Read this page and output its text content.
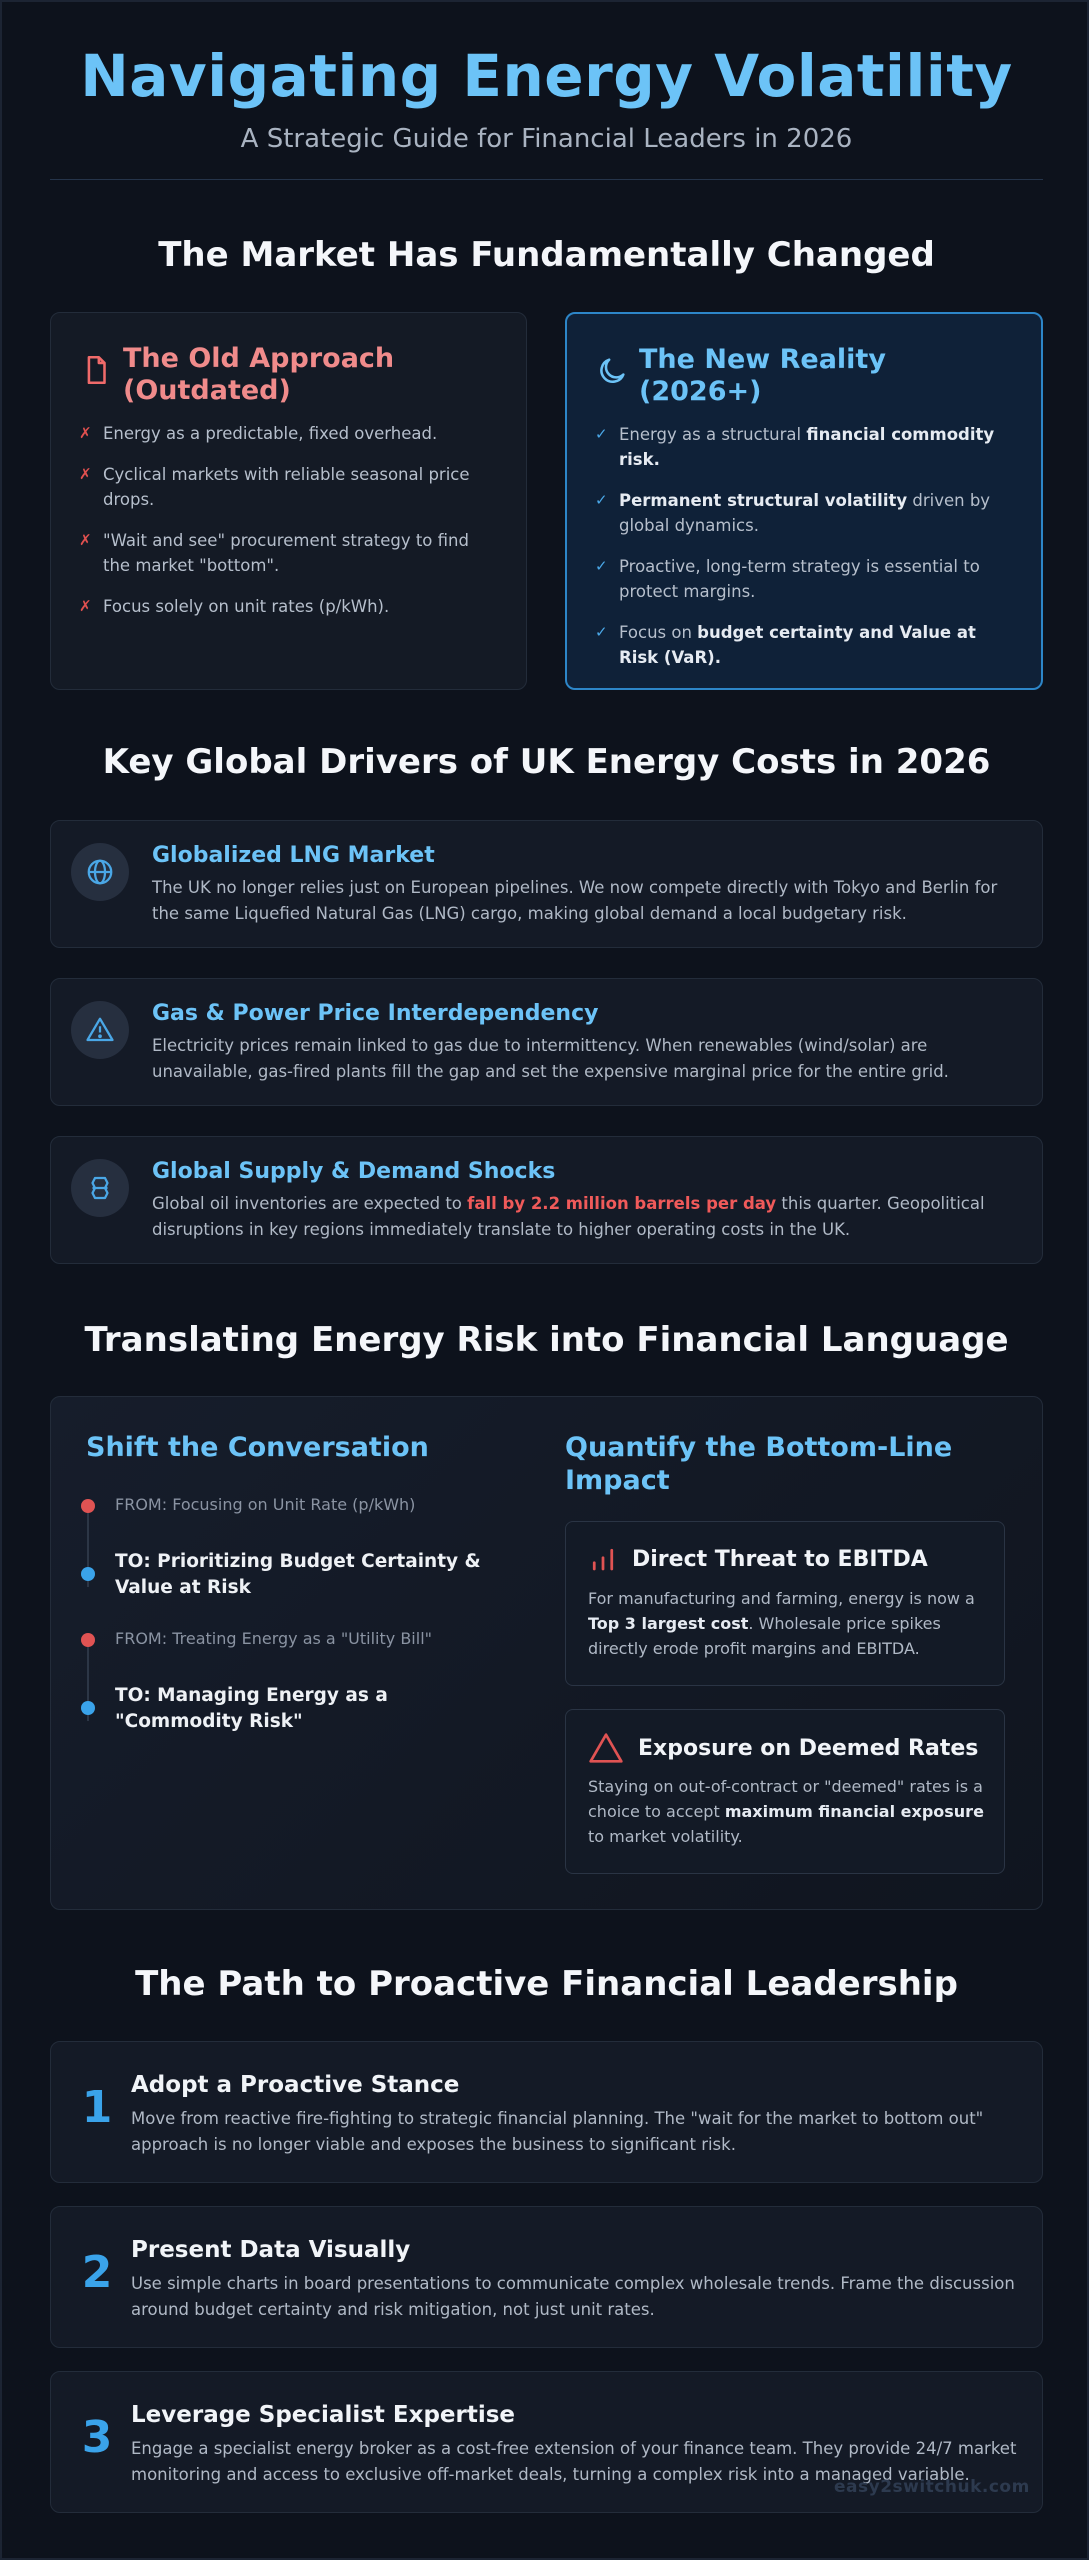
Navigating Energy Volatility
A Strategic Guide for Financial Leaders in 2026
The Market Has Fundamentally Changed
The Old Approach (Outdated)
✗ Energy as a predictable, fixed overhead.
✗ Cyclical markets with reliable seasonal price drops.
✗ "Wait and see" procurement strategy to find the market "bottom".
✗ Focus solely on unit rates (p/kWh).
The New Reality (2026+)
✓ Energy as a structural financial commodity risk.
✓ Permanent structural volatility driven by global dynamics.
✓ Proactive, long-term strategy is essential to protect margins.
✓ Focus on budget certainty and Value at Risk (VaR).
Key Global Drivers of UK Energy Costs in 2026
Globalized LNG Market
The UK no longer relies just on European pipelines. We now compete directly with Tokyo and Berlin for the same Liquefied Natural Gas (LNG) cargo, making global demand a local budgetary risk.
Gas & Power Price Interdependency
Electricity prices remain linked to gas due to intermittency. When renewables (wind/solar) are unavailable, gas-fired plants fill the gap and set the expensive marginal price for the entire grid.
Global Supply & Demand Shocks
Global oil inventories are expected to fall by 2.2 million barrels per day this quarter. Geopolitical disruptions in key regions immediately translate to higher operating costs in the UK.
Translating Energy Risk into Financial Language
Shift the Conversation
FROM: Focusing on Unit Rate (p/kWh)
TO: Prioritizing Budget Certainty & Value at Risk
FROM: Treating Energy as a "Utility Bill"
TO: Managing Energy as a "Commodity Risk"
Quantify the Bottom-Line Impact
Direct Threat to EBITDA
For manufacturing and farming, energy is now a Top 3 largest cost. Wholesale price spikes directly erode profit margins and EBITDA.
Exposure on Deemed Rates
Staying on out-of-contract or "deemed" rates is a choice to accept maximum financial exposure to market volatility.
The Path to Proactive Financial Leadership
1 Adopt a Proactive Stance
Move from reactive fire-fighting to strategic financial planning. The "wait for the market to bottom out" approach is no longer viable and exposes the business to significant risk.
2 Present Data Visually
Use simple charts in board presentations to communicate complex wholesale trends. Frame the discussion around budget certainty and risk mitigation, not just unit rates.
3 Leverage Specialist Expertise
Engage a specialist energy broker as a cost-free extension of your finance team. They provide 24/7 market monitoring and access to exclusive off-market deals, turning a complex risk into a managed variable.
easy2switchuk.com
